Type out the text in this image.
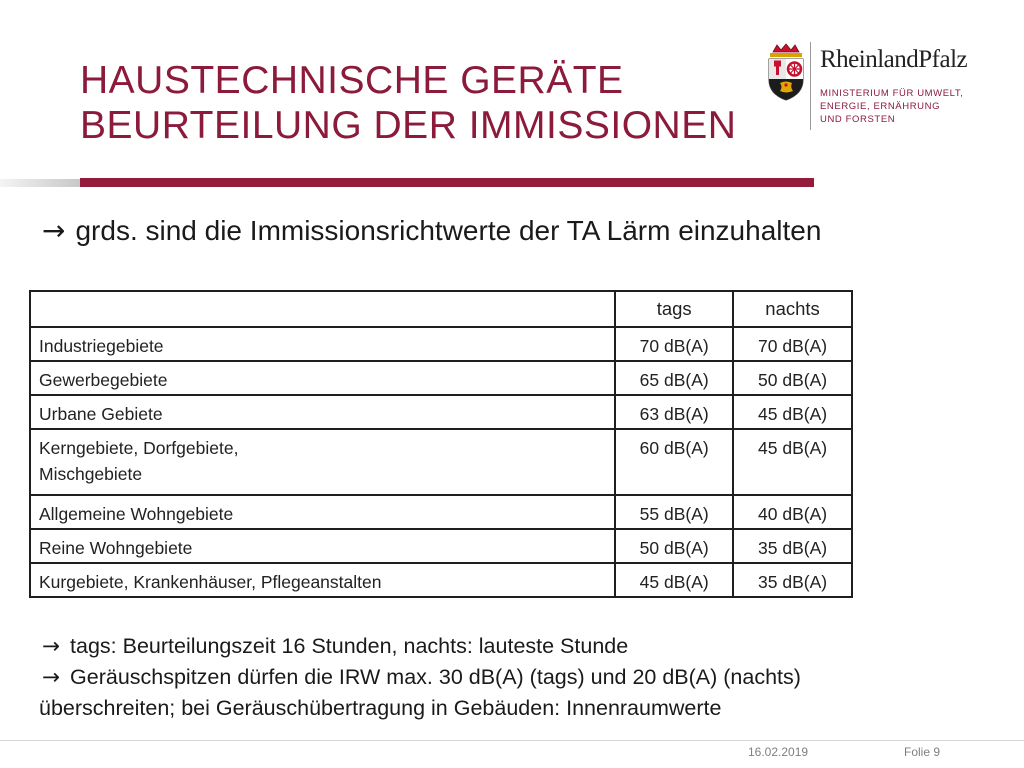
HAUSTECHNISCHE GERÄTE
BEURTEILUNG DER IMMISSIONEN
RheinlandPfalz
MINISTERIUM FÜR UMWELT,
ENERGIE, ERNÄHRUNG
UND FORSTEN
→ grds. sind die Immissionsrichtwerte der TA Lärm einzuhalten
	tags	nachts
Industriegebiete	70 dB(A)	70 dB(A)
Gewerbegebiete	65 dB(A)	50 dB(A)
Urbane Gebiete	63 dB(A)	45 dB(A)
Kerngebiete, Dorfgebiete,
Mischgebiete	60 dB(A)	45 dB(A)
Allgemeine Wohngebiete	55 dB(A)	40 dB(A)
Reine Wohngebiete	50 dB(A)	35 dB(A)
Kurgebiete, Krankenhäuser, Pflegeanstalten	45 dB(A)	35 dB(A)
→ tags: Beurteilungszeit 16 Stunden, nachts: lauteste Stunde
→ Geräuschspitzen dürfen die IRW max. 30 dB(A) (tags) und 20 dB(A) (nachts)
überschreiten; bei Geräuschübertragung in Gebäuden: Innenraumwerte
16.02.2019	Folie 9
